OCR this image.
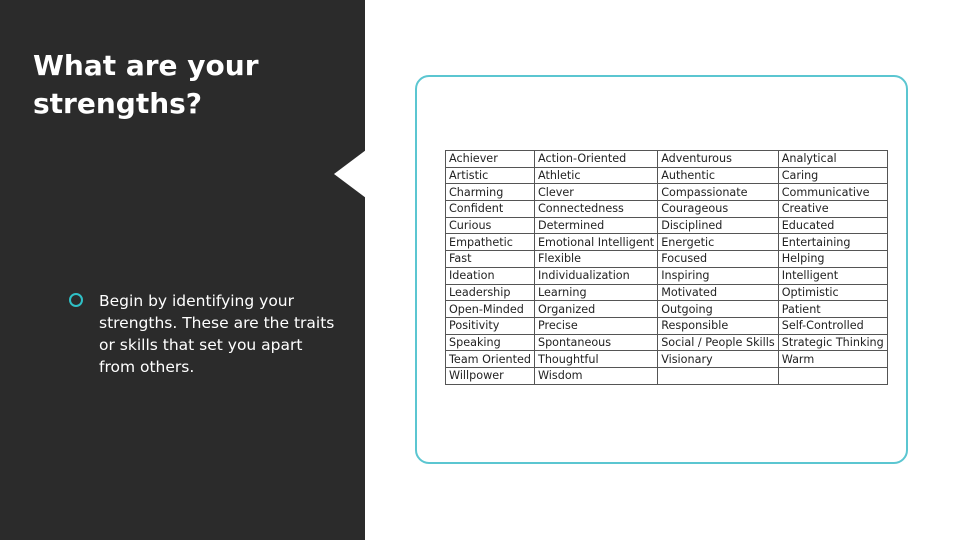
What are your strengths?

Begin by identifying your strengths. These are the traits or skills that set you apart from others.

Achiever	Action-Oriented	Adventurous	Analytical
Artistic	Athletic	Authentic	Caring
Charming	Clever	Compassionate	Communicative
Confident	Connectedness	Courageous	Creative
Curious	Determined	Disciplined	Educated
Empathetic	Emotional Intelligent	Energetic	Entertaining
Fast	Flexible	Focused	Helping
Ideation	Individualization	Inspiring	Intelligent
Leadership	Learning	Motivated	Optimistic
Open-Minded	Organized	Outgoing	Patient
Positivity	Precise	Responsible	Self-Controlled
Speaking	Spontaneous	Social / People Skills	Strategic Thinking
Team Oriented	Thoughtful	Visionary	Warm
Willpower	Wisdom		
